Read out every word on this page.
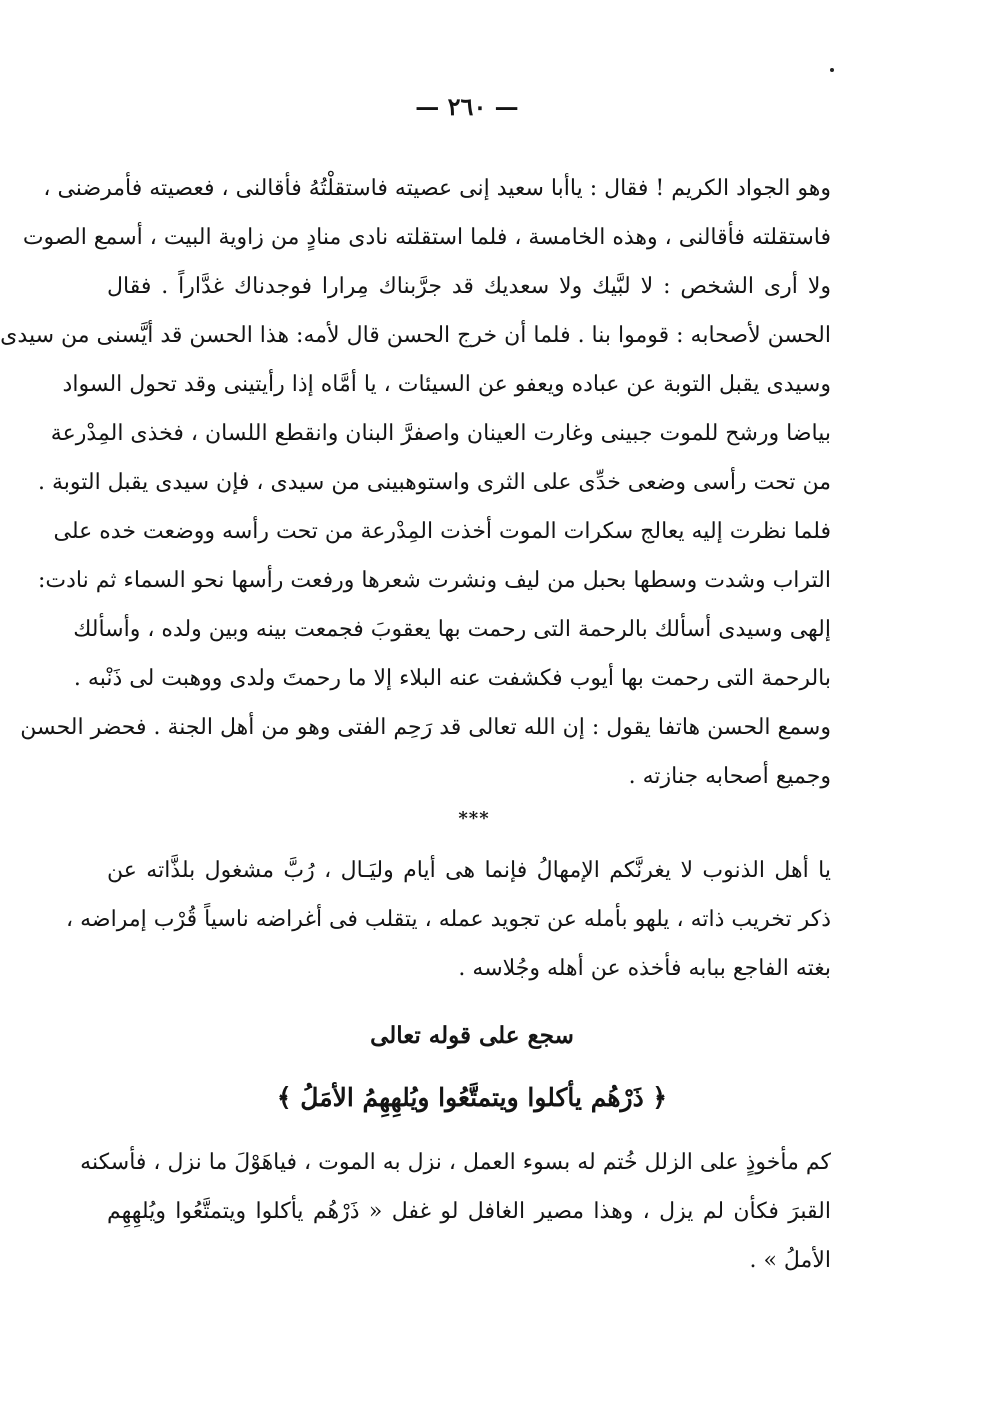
— ٢٦٠ —
وهو الجواد الكريم ! فقال : ياأبا سعيد إنى عصيته فاستقلْتُهُ فأقالنى ، فعصيته فأمرضنى ،
فاستقلته فأقالنى ، وهذه الخامسة ، فلما استقلته نادى منادٍ من زاوية البيت ، أسمع الصوت
ولا أرى الشخص : لا لبَّيك ولا سعديك قد جرَّبناك مِرارا فوجدناك غدَّاراً . فقال
الحسن لأصحابه : قوموا بنا . فلما أن خرج الحسن قال لأمه: هذا الحسن قد أيَّسنى من سيدى
وسيدى يقبل التوبة عن عباده ويعفو عن السيئات ، يا أمَّاه إذا رأيتينى وقد تحول السواد
بياضا ورشح للموت جبينى وغارت العينان واصفرَّ البنان وانقطع اللسان ، فخذى المِدْرعة
من تحت رأسى وضعى خدِّى على الثرى واستوهبينى من سيدى ، فإن سيدى يقبل التوبة .
فلما نظرت إليه يعالج سكرات الموت أخذت المِدْرعة من تحت رأسه ووضعت خده على
التراب وشدت وسطها بحبل من ليف ونشرت شعرها ورفعت رأسها نحو السماء ثم نادت:
إلهى وسيدى أسألك بالرحمة التى رحمت بها يعقوبَ فجمعت بينه وبين ولده ، وأسألك
بالرحمة التى رحمت بها أيوب فكشفت عنه البلاء إلا ما رحمتَ ولدى ووهبت لى ذَنْبه .
وسمع الحسن هاتفا يقول : إن الله تعالى قد رَحِم الفتى وهو من أهل الجنة . فحضر الحسن
وجميع أصحابه جنازته .
***
يا أهل الذنوب لا يغرنَّكم الإمهالُ فإنما هى أيام وليَـال ، رُبَّ مشغول بلذَّاته عن
ذكر تخريب ذاته ، يلهو بأمله عن تجويد عمله ، يتقلب فى أغراضه ناسياً قُرْب إمراضه ،
بغته الفاجع ببابه فأخذه عن أهله وجُلاسه .
سجع على قوله تعالى
﴿ ذَرْهُم يأكلوا ويتمتَّعُوا ويُلهِهِمُ الأمَلُ ﴾
كم مأخوذٍ على الزلل خُتم له بسوء العمل ، نزل به الموت ، فياهَوْلَ ما نزل ، فأسكنه
القبرَ فكأن لم يزل ، وهذا مصير الغافل لو غفل « ذَرْهُم يأكلوا ويتمتَّعُوا ويُلهِهِم
الأملُ » .
